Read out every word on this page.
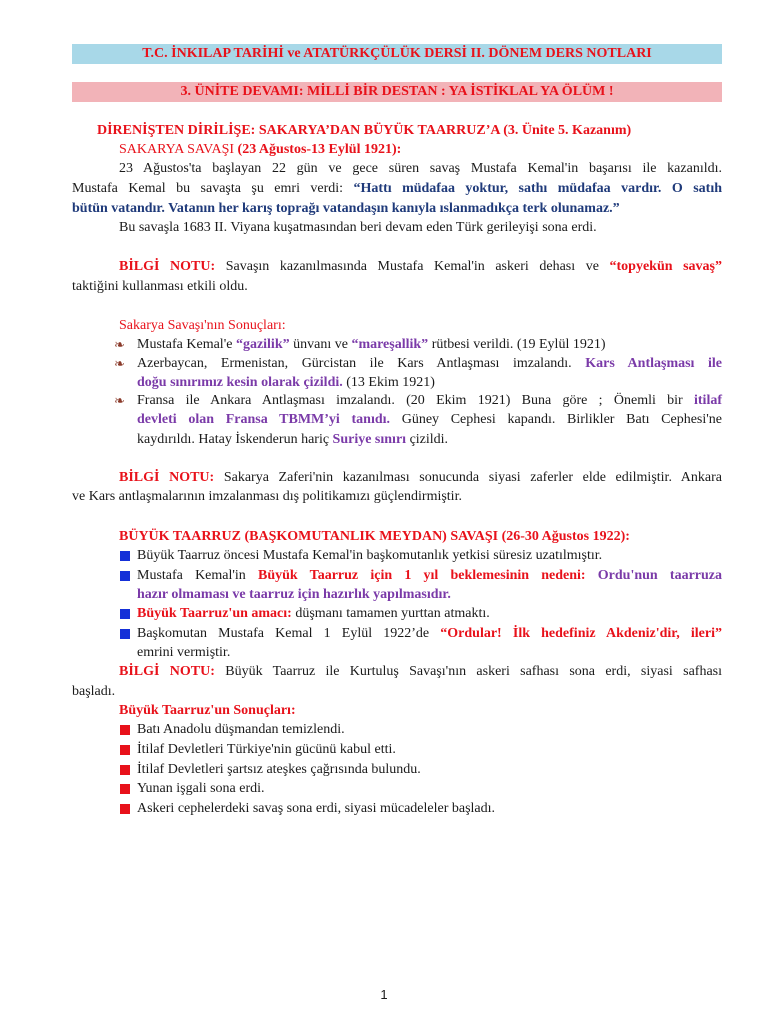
T.C. İNKILAP TARİHİ ve ATATÜRKÇÜLÜK DERSİ II. DÖNEM DERS NOTLARI
3. ÜNİTE DEVAMI: MİLLİ BİR DESTAN : YA İSTİKLAL YA ÖLÜM !
DİRENİŞTEN DİRİLİŞE: SAKARYA’DAN BÜYÜK TAARRUZ’A (3. Ünite 5. Kazanım)
SAKARYA SAVAŞI (23 Ağustos-13 Eylül 1921):
23 Ağustos'ta başlayan 22 gün ve gece süren savaş Mustafa Kemal'in başarısı ile kazanıldı.
Mustafa Kemal bu savaşta şu emri verdi: “Hattı müdafaa yoktur, sathı müdafaa vardır. O satıh
bütün vatandır. Vatanın her karış toprağı vatandaşın kanıyla ıslanmadıkça terk olunamaz.”
Bu savaşla 1683 II. Viyana kuşatmasından beri devam eden Türk gerileyişi sona erdi.
BİLGİ NOTU: Savaşın kazanılmasında Mustafa Kemal'in askeri dehası ve “topyekün savaş”
taktiğini kullanması etkili oldu.
Sakarya Savaşı'nın Sonuçları:
❧ Mustafa Kemal'e “gazilik” ünvanı ve “mareşallik” rütbesi verildi. (19 Eylül 1921)
❧ Azerbaycan, Ermenistan, Gürcistan ile Kars Antlaşması imzalandı. Kars Antlaşması ile
doğu sınırımız kesin olarak çizildi. (13 Ekim 1921)
❧ Fransa ile Ankara Antlaşması imzalandı. (20 Ekim 1921) Buna göre ; Önemli bir itilaf
devleti olan Fransa TBMM’yi tanıdı. Güney Cephesi kapandı. Birlikler Batı Cephesi'ne
kaydırıldı. Hatay İskenderun hariç Suriye sınırı çizildi.
BİLGİ NOTU: Sakarya Zaferi'nin kazanılması sonucunda siyasi zaferler elde edilmiştir. Ankara
ve Kars antlaşmalarının imzalanması dış politikamızı güçlendirmiştir.
BÜYÜK TAARRUZ (BAŞKOMUTANLIK MEYDAN) SAVAŞI (26-30 Ağustos 1922):
Büyük Taarruz öncesi Mustafa Kemal'in başkomutanlık yetkisi süresiz uzatılmıştır.
Mustafa Kemal'in Büyük Taarruz için 1 yıl beklemesinin nedeni: Ordu'nun taarruza
hazır olmaması ve taarruz için hazırlık yapılmasıdır.
Büyük Taarruz'un amacı: düşmanı tamamen yurttan atmaktı.
Başkomutan Mustafa Kemal 1 Eylül 1922’de “Ordular! İlk hedefiniz Akdeniz'dir, ileri”
emrini vermiştir.
BİLGİ NOTU: Büyük Taarruz ile Kurtuluş Savaşı'nın askeri safhası sona erdi, siyasi safhası
başladı.
Büyük Taarruz'un Sonuçları:
Batı Anadolu düşmandan temizlendi.
İtilaf Devletleri Türkiye'nin gücünü kabul etti.
İtilaf Devletleri şartsız ateşkes çağrısında bulundu.
Yunan işgali sona erdi.
Askeri cephelerdeki savaş sona erdi, siyasi mücadeleler başladı.
1
